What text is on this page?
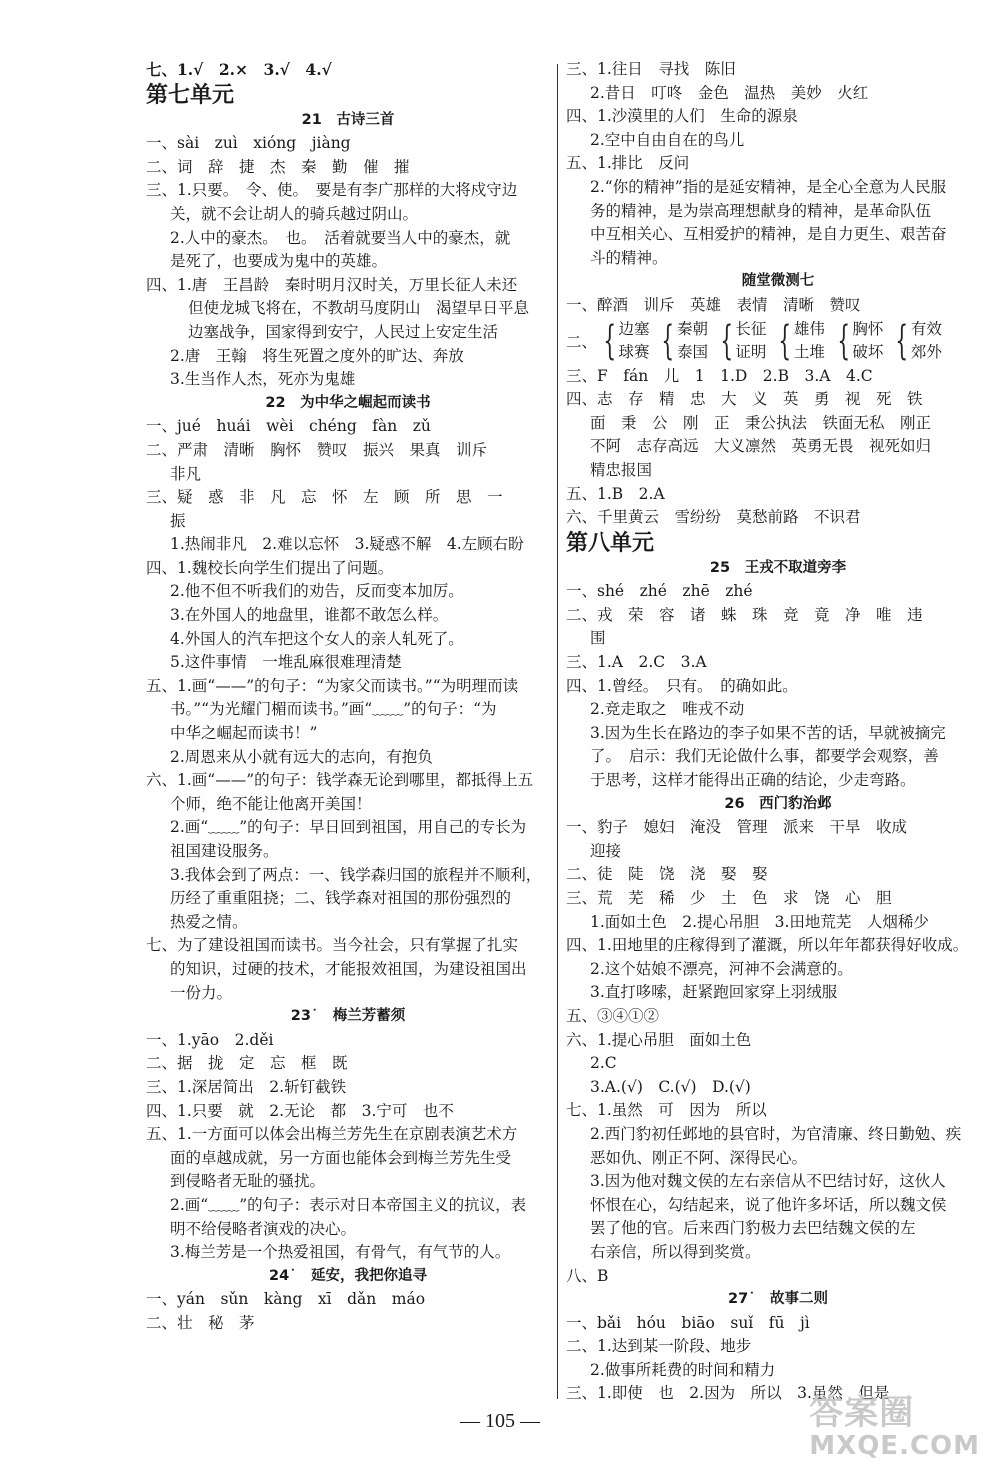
七、1.√　2.×　3.√　4.√
第七单元
21　古诗三首
一、sài　zuì　xióng　jiàng
二、词　辞　捷　杰　秦　勤　催　摧
三、1.只要。　令、使。　要是有李广那样的大将戍守边
关，就不会让胡人的骑兵越过阴山。
2.人中的豪杰。　也。　活着就要当人中的豪杰，就
是死了，也要成为鬼中的英雄。
四、1.唐　王昌龄　秦时明月汉时关，万里长征人未还
但使龙城飞将在，不教胡马度阴山　渴望早日平息
边塞战争，国家得到安宁，人民过上安定生活
2.唐　王翰　将生死置之度外的旷达、奔放
3.生当作人杰，死亦为鬼雄
22　为中华之崛起而读书
一、jué　huái　wèi　chéng　fàn　zǔ
二、严肃　清晰　胸怀　赞叹　振兴　果真　训斥
非凡
三、疑　惑　非　凡　忘　怀　左　顾　所　思　一
振
1.热闹非凡　2.难以忘怀　3.疑惑不解　4.左顾右盼
四、1.魏校长向学生们提出了问题。
2.他不但不听我们的劝告，反而变本加厉。
3.在外国人的地盘里，谁都不敢怎么样。
4.外国人的汽车把这个女人的亲人轧死了。
5.这件事情　一堆乱麻很难理清楚
五、1.画“——”的句子：“为家父而读书。”“为明理而读
书。”“为光耀门楣而读书。”画“﹏﹏”的句子：“为
中华之崛起而读书！”
2.周恩来从小就有远大的志向，有抱负
六、1.画“——”的句子：钱学森无论到哪里，都抵得上五
个师，绝不能让他离开美国！
2.画“﹏﹏”的句子：早日回到祖国，用自己的专长为
祖国建设服务。
3.我体会到了两点：一、钱学森归国的旅程并不顺利，
历经了重重阻挠；二、钱学森对祖国的那份强烈的
热爱之情。
七、为了建设祖国而读书。当今社会，只有掌握了扎实
的知识，过硬的技术，才能报效祖国，为建设祖国出
一份力。
23˙　梅兰芳蓄须
一、1.yāo　2.děi
二、据　拢　定　忘　框　既
三、1.深居简出　2.斩钉截铁
四、1.只要　就　2.无论　都　3.宁可　也不
五、1.一方面可以体会出梅兰芳先生在京剧表演艺术方
面的卓越成就，另一方面也能体会到梅兰芳先生受
到侵略者无耻的骚扰。
2.画“﹏﹏”的句子：表示对日本帝国主义的抗议，表
明不给侵略者演戏的决心。
3.梅兰芳是一个热爱祖国，有骨气，有气节的人。
24˙　延安，我把你追寻
一、yán　sǔn　kàng　xī　dǎn　máo
二、壮　秘　茅
三、1.往日　寻找　陈旧
2.昔日　叮咚　金色　温热　美妙　火红
四、1.沙漠里的人们　生命的源泉
2.空中自由自在的鸟儿
五、1.排比　反问
2.“你的精神”指的是延安精神，是全心全意为人民服
务的精神，是为崇高理想献身的精神，是革命队伍
中互相关心、互相爱护的精神，是自力更生、艰苦奋
斗的精神。
随堂微测七
一、醉酒　训斥　英雄　表情　清晰　赞叹
二、 { 边塞
球赛 { 秦朝
泰国 { 长征
证明 { 雄伟
土堆 { 胸怀
破坏 { 有效
郊外
三、F　fán　儿　1　1.D　2.B　3.A　4.C
四、志　存　精　忠　大　义　英　勇　视　死　铁
面　秉　公　刚　正　秉公执法　铁面无私　刚正
不阿　志存高远　大义凛然　英勇无畏　视死如归
精忠报国
五、1.B　2.A
六、千里黄云　雪纷纷　莫愁前路　不识君
第八单元
25　王戎不取道旁李
一、shé　zhé　zhē　zhé
二、戎　荣　容　诸　蛛　珠　竞　竟　净　唯　违
围
三、1.A　2.C　3.A
四、1.曾经。　只有。　的确如此。
2.竞走取之　唯戎不动
3.因为生长在路边的李子如果不苦的话，早就被摘完
了。　启示：我们无论做什么事，都要学会观察，善
于思考，这样才能得出正确的结论，少走弯路。
26　西门豹治邺
一、豹子　媳妇　淹没　管理　派来　干旱　收成
迎接
二、徒　陡　饶　浇　娶　娶
三、荒　芜　稀　少　土　色　求　饶　心　胆
1.面如土色　2.提心吊胆　3.田地荒芜　人烟稀少
四、1.田地里的庄稼得到了灌溉，所以年年都获得好收成。
2.这个姑娘不漂亮，河神不会满意的。
3.直打哆嗦，赶紧跑回家穿上羽绒服
五、③④①②
六、1.提心吊胆　面如土色
2.C
3.A.(√)　C.(√)　D.(√)
七、1.虽然　可　因为　所以
2.西门豹初任邺地的县官时，为官清廉、终日勤勉、疾
恶如仇、刚正不阿、深得民心。
3.因为他对魏文侯的左右亲信从不巴结讨好，这伙人
怀恨在心，勾结起来，说了他许多坏话，所以魏文侯
罢了他的官。后来西门豹极力去巴结魏文侯的左
右亲信，所以得到奖赏。
八、B
27˙　故事二则
一、bǎi　hóu　biāo　suǐ　fū　jì
二、1.达到某一阶段、地步
2.做事所耗费的时间和精力
三、1.即使　也　2.因为　所以　3.虽然　但是
— 105 —	答案圈
MXQE.COM
